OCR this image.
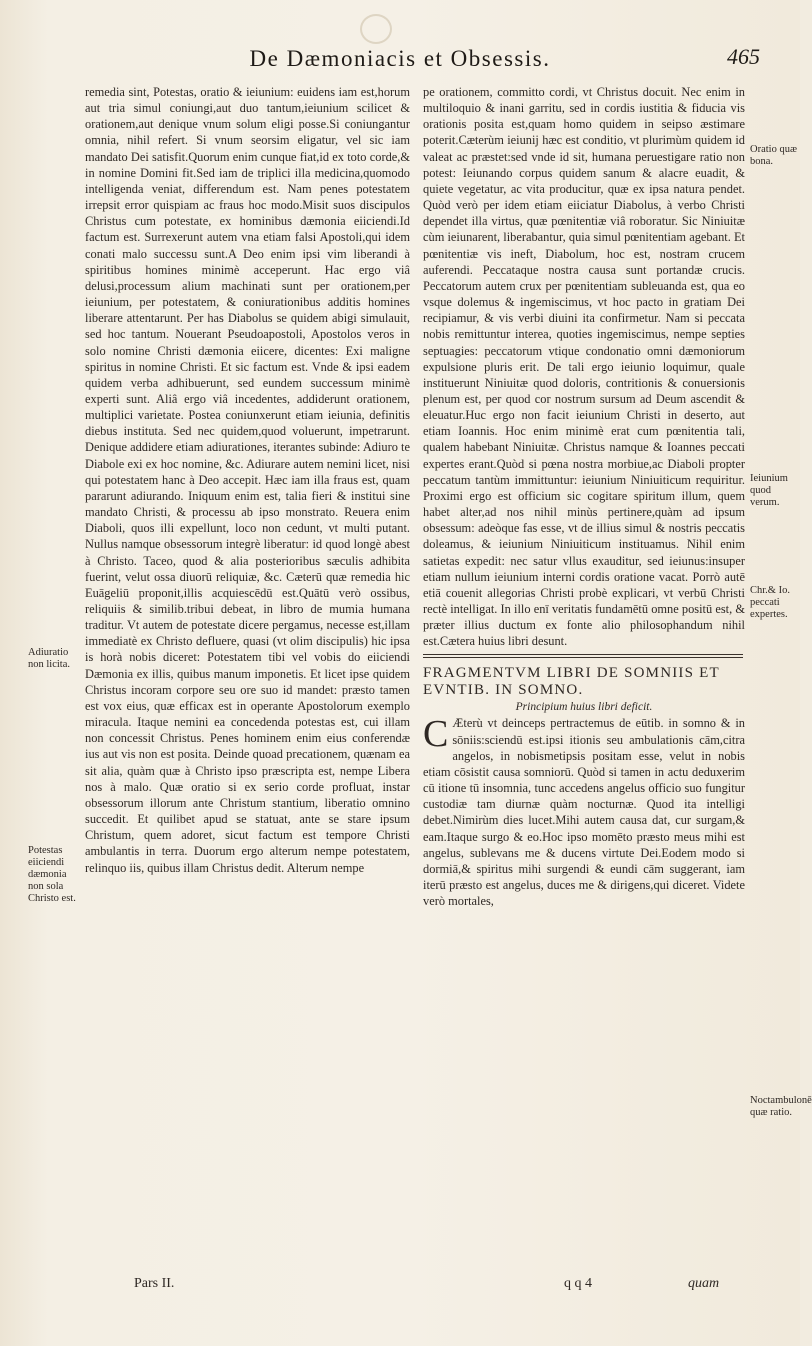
De Dæmoniacis et Obsessis.	465

remedia sint, Potestas, oratio & ieiunium: euidens iam est,horum aut tria simul coniungi,aut duo tantum,ieiunium scilicet & orationem,aut denique vnum solum eligi posse.Si coniungantur omnia, nihil refert. Si vnum seorsim eligatur, vel sic iam mandato Dei satisfit.Quorum enim cunque fiat,id ex toto corde,& in nomine Domini fit.Sed iam de triplici illa medicina,quomodo intelligenda veniat, differendum est. Nam penes potestatem irrepsit error quispiam ac fraus hoc modo.Misit suos discipulos Christus cum potestate, ex hominibus dæmonia eiiciendi.Id factum est. Surrexerunt autem vna etiam falsi Apostoli,qui idem conati malo successu sunt.A Deo enim ipsi vim liberandi à spiritibus homines minimè acceperunt. Hac ergo viâ delusi,processum alium machinati sunt per orationem,per ieiunium, per potestatem, & coniurationibus additis homines liberare attentarunt. Per has Diabolus se quidem abigi simulauit, sed hoc tantum. Nouerant Pseudoapostoli, Apostolos veros in solo nomine Christi dæmonia eiicere, dicentes: Exi maligne spiritus in nomine Christi. Et sic factum est. Vnde & ipsi eadem quidem verba adhibuerunt, sed eundem successum minimè experti sunt. Aliâ ergo viâ incedentes, addiderunt orationem, multiplici varietate. Postea coniunxerunt etiam ieiunia, definitis diebus instituta. Sed nec quidem,quod voluerunt, impetrarunt. Denique addidere etiam adiurationes, iterantes subinde: Adiuro te Diabole exi ex hoc nomine, &c. Adiurare autem nemini licet, nisi qui potestatem hanc à Deo accepit. Hæc iam illa fraus est, quam pararunt adiurando. Iniquum enim est, talia fieri & institui sine mandato Christi, & processu ab ipso monstrato. Reuera enim Diaboli, quos illi expellunt, loco non cedunt, vt multi putant. Nullus namque obsessorum integrè liberatur: id quod longè abest à Christo. Taceo, quod & alia posterioribus sæculis adhibita fuerint, velut ossa diuorū reliquiæ, &c. Cæterū quæ remedia hic Euāgeliū proponit,illis acquiescēdū est.Quātū verò ossibus, reliquiis & similib.tribui debeat, in libro de mumia humana traditur. Vt autem de potestate dicere pergamus, necesse est,illam immediatè ex Christo defluere, quasi (vt olim discipulis) hic ipsa is horà nobis diceret: Potestatem tibi vel vobis do eiiciendi Dæmonia ex illis, quibus manum imponetis. Et licet ipse quidem Christus incoram corpore seu ore suo id mandet: præsto tamen est vox eius, quæ efficax est in operante Apostolorum exemplo miracula. Itaque nemini ea concedenda potestas est, cui illam non concessit Christus. Penes hominem enim eius conferendæ ius aut vis non est posita. Deinde quoad precationem, quænam ea sit alia, quàm quæ à Christo ipso præscripta est, nempe Libera nos à malo. Quæ oratio si ex serio corde profluat, instar obsessorum illorum ante Christum stantium, liberatio omnino succedit. Et quilibet apud se statuat, ante se stare ipsum Christum, quem adoret, sicut factum est tempore Christi ambulantis in terra. Duorum ergo alterum nempe potestatem, relinquo iis, quibus illam Christus dedit. Alterum nempe

pe orationem, committo cordi, vt Christus docuit. Nec enim in multiloquio & inani garritu, sed in cordis iustitia & fiducia vis orationis posita est,quam homo quidem in seipso æstimare poterit.Cæterùm ieiunij hæc est conditio, vt plurimùm quidem id valeat ac præstet:sed vnde id sit, humana peruestigare ratio non potest: Ieiunando corpus quidem sanum & alacre euadit, & quiete vegetatur, ac vita producitur, quæ ex ipsa natura pendet. Quòd verò per idem etiam eiiciatur Diabolus, à verbo Christi dependet illa virtus, quæ pœnitentiæ viâ roboratur. Sic Niniuitæ cùm ieiunarent, liberabantur, quia simul pœnitentiam agebant. Et pœnitentiæ vis ineft, Diabolum, hoc est, nostram crucem auferendi. Peccataque nostra causa sunt portandæ crucis. Peccatorum autem crux per pœnitentiam subleuanda est, qua eo vsque dolemus & ingemiscimus, vt hoc pacto in gratiam Dei recipiamur, & vis verbi diuini ita confirmetur. Nam si peccata nobis remittuntur interea, quoties ingemiscimus, nempe septies septuagies: peccatorum vtique condonatio omni dæmoniorum expulsione pluris erit. De tali ergo ieiunio loquimur, quale instituerunt Niniuitæ quod doloris, contritionis & conuersionis plenum est, per quod cor nostrum sursum ad Deum ascendit & eleuatur.Huc ergo non facit ieiunium Christi in deserto, aut etiam Ioannis. Hoc enim minimè erat cum pœnitentia tali, qualem habebant Niniuitæ. Christus namque & Ioannes peccati expertes erant.Quòd si pœna nostra morbiue,ac Diaboli propter peccatum tantùm immittuntur: ieiunium Niniuiticum requiritur. Proximi ergo est officium sic cogitare spiritum illum, quem habet alter,ad nos nihil minùs pertinere,quàm ad ipsum obsessum: adeòque fas esse, vt de illius simul & nostris peccatis doleamus, & ieiunium Niniuiticum instituamus. Nihil enim satietas expedit: nec satur vllus exauditur, sed ieiunus:insuper etiam nullum ieiunium interni cordis oratione vacat. Porrò autē etiā couenit allegorias Christi probè explicari, vt verbū Christi rectè intelligat. In illo enī veritatis fundamētū omne positū est, & præter illius ductum ex fonte alio philosophandum nihil est.Cætera huius libri desunt.

FRAGMENTVM LIBRI DE SOMNIIS ET EVNTIB. IN SOMNO.
Principium huius libri deficit.

C Æterù vt deinceps pertractemus de eūtib. in somno & in sōniis:sciendū est.ipsi itionis seu ambulationis cām,citra angelos, in nobismetipsis positam esse, velut in nobis etiam cōsistit causa somniorū. Quòd si tamen in actu deduxerim cū itione tū insomnia, tunc accedens angelus officio suo fungitur custodiæ tam diurnæ quàm nocturnæ. Quod ita intelligi debet.Nimirùm dies lucet.Mihi autem causa dat, cur surgam,& eam.Itaque surgo & eo.Hoc ipso momēto præsto meus mihi est angelus, sublevans me & ducens virtute Dei.Eodem modo si dormiā,& spiritus mihi surgendi & eundi cām suggerant, iam iterū præsto est angelus, duces me & dirigens,qui diceret. Videte verò mortales,

Adiuratio non licita.
Potestas eiiciendi dæmonia non sola Christo est.
Oratio quæ bona.
Ieiunium quod verum.
Chr.& Io. peccati expertes.
Noctambulonē quæ ratio.
Pars II.	q q 4	quam
